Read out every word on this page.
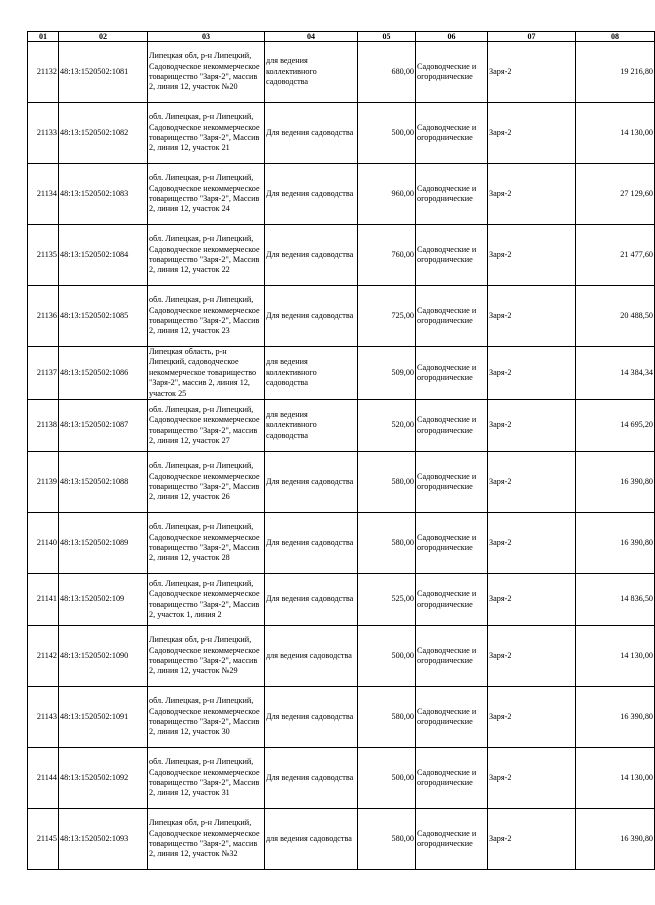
01	02	03	04	05	06	07	08

21132	48:13:1520502:1081	Липецкая обл, р-н Липецкий, Садоводческое некоммерческое товарищество "Заря-2", массив 2, линия 12, участок №20	для ведения коллективного садоводства	680,00	Садоводческие и огороднические	Заря-2	19 216,80

21133	48:13:1520502:1082	обл. Липецкая, р-н Липецкий, Садоводческое некоммерческое товарищество "Заря-2", Массив 2, линия 12, участок 21	Для ведения садоводства	500,00	Садоводческие и огороднические	Заря-2	14 130,00

21134	48:13:1520502:1083	обл. Липецкая, р-н Липецкий, Садоводческое некоммерческое товарищество "Заря-2", Массив 2, линия 12, участок 24	Для ведения садоводства	960,00	Садоводческие и огороднические	Заря-2	27 129,60

21135	48:13:1520502:1084	обл. Липецкая, р-н Липецкий, Садоводческое некоммерческое товарищество "Заря-2", Массив 2, линия 12, участок 22	Для ведения садоводства	760,00	Садоводческие и огороднические	Заря-2	21 477,60

21136	48:13:1520502:1085	обл. Липецкая, р-н Липецкий, Садоводческое некоммерческое товарищество "Заря-2", Массив 2, линия 12, участок 23	Для ведения садоводства	725,00	Садоводческие и огороднические	Заря-2	20 488,50

21137	48:13:1520502:1086	Липецкая область, р-н Липецкий, садоводческое некоммерческое товарищество "Заря-2", массив 2, линия 12, участок 25	для ведения коллективного садоводства	509,00	Садоводческие и огороднические	Заря-2	14 384,34

21138	48:13:1520502:1087	обл. Липецкая, р-н Липецкий, Садоводческое некоммерческое товарищество "Заря-2", массив 2, линия 12, участок 27	для ведения коллективного садоводства	520,00	Садоводческие и огороднические	Заря-2	14 695,20

21139	48:13:1520502:1088	обл. Липецкая, р-н Липецкий, Садоводческое некоммерческое товарищество "Заря-2", Массив 2, линия 12, участок 26	Для ведения садоводства	580,00	Садоводческие и огороднические	Заря-2	16 390,80

21140	48:13:1520502:1089	обл. Липецкая, р-н Липецкий, Садоводческое некоммерческое товарищество "Заря-2", Массив 2, линия 12, участок 28	Для ведения садоводства	580,00	Садоводческие и огороднические	Заря-2	16 390,80

21141	48:13:1520502:109	обл. Липецкая, р-н Липецкий, Садоводческое некоммерческое товарищество "Заря-2", Массив 2, участок 1, линия 2	Для ведения садоводства	525,00	Садоводческие и огороднические	Заря-2	14 836,50

21142	48:13:1520502:1090	Липецкая обл, р-н Липецкий, Садоводческое некоммерческое товарищество "Заря-2", массив 2, линия 12, участок №29	для ведения садоводства	500,00	Садоводческие и огороднические	Заря-2	14 130,00

21143	48:13:1520502:1091	обл. Липецкая, р-н Липецкий, Садоводческое некоммерческое товарищество "Заря-2", Массив 2, линия 12, участок 30	Для ведения садоводства	580,00	Садоводческие и огороднические	Заря-2	16 390,80

21144	48:13:1520502:1092	обл. Липецкая, р-н Липецкий, Садоводческое некоммерческое товарищество "Заря-2", Массив 2, линия 12, участок 31	Для ведения садоводства	500,00	Садоводческие и огороднические	Заря-2	14 130,00

21145	48:13:1520502:1093	Липецкая обл, р-н Липецкий, Садоводческое некоммерческое товарищество "Заря-2", массив 2, линия 12, участок №32	для ведения садоводства	580,00	Садоводческие и огороднические	Заря-2	16 390,80
